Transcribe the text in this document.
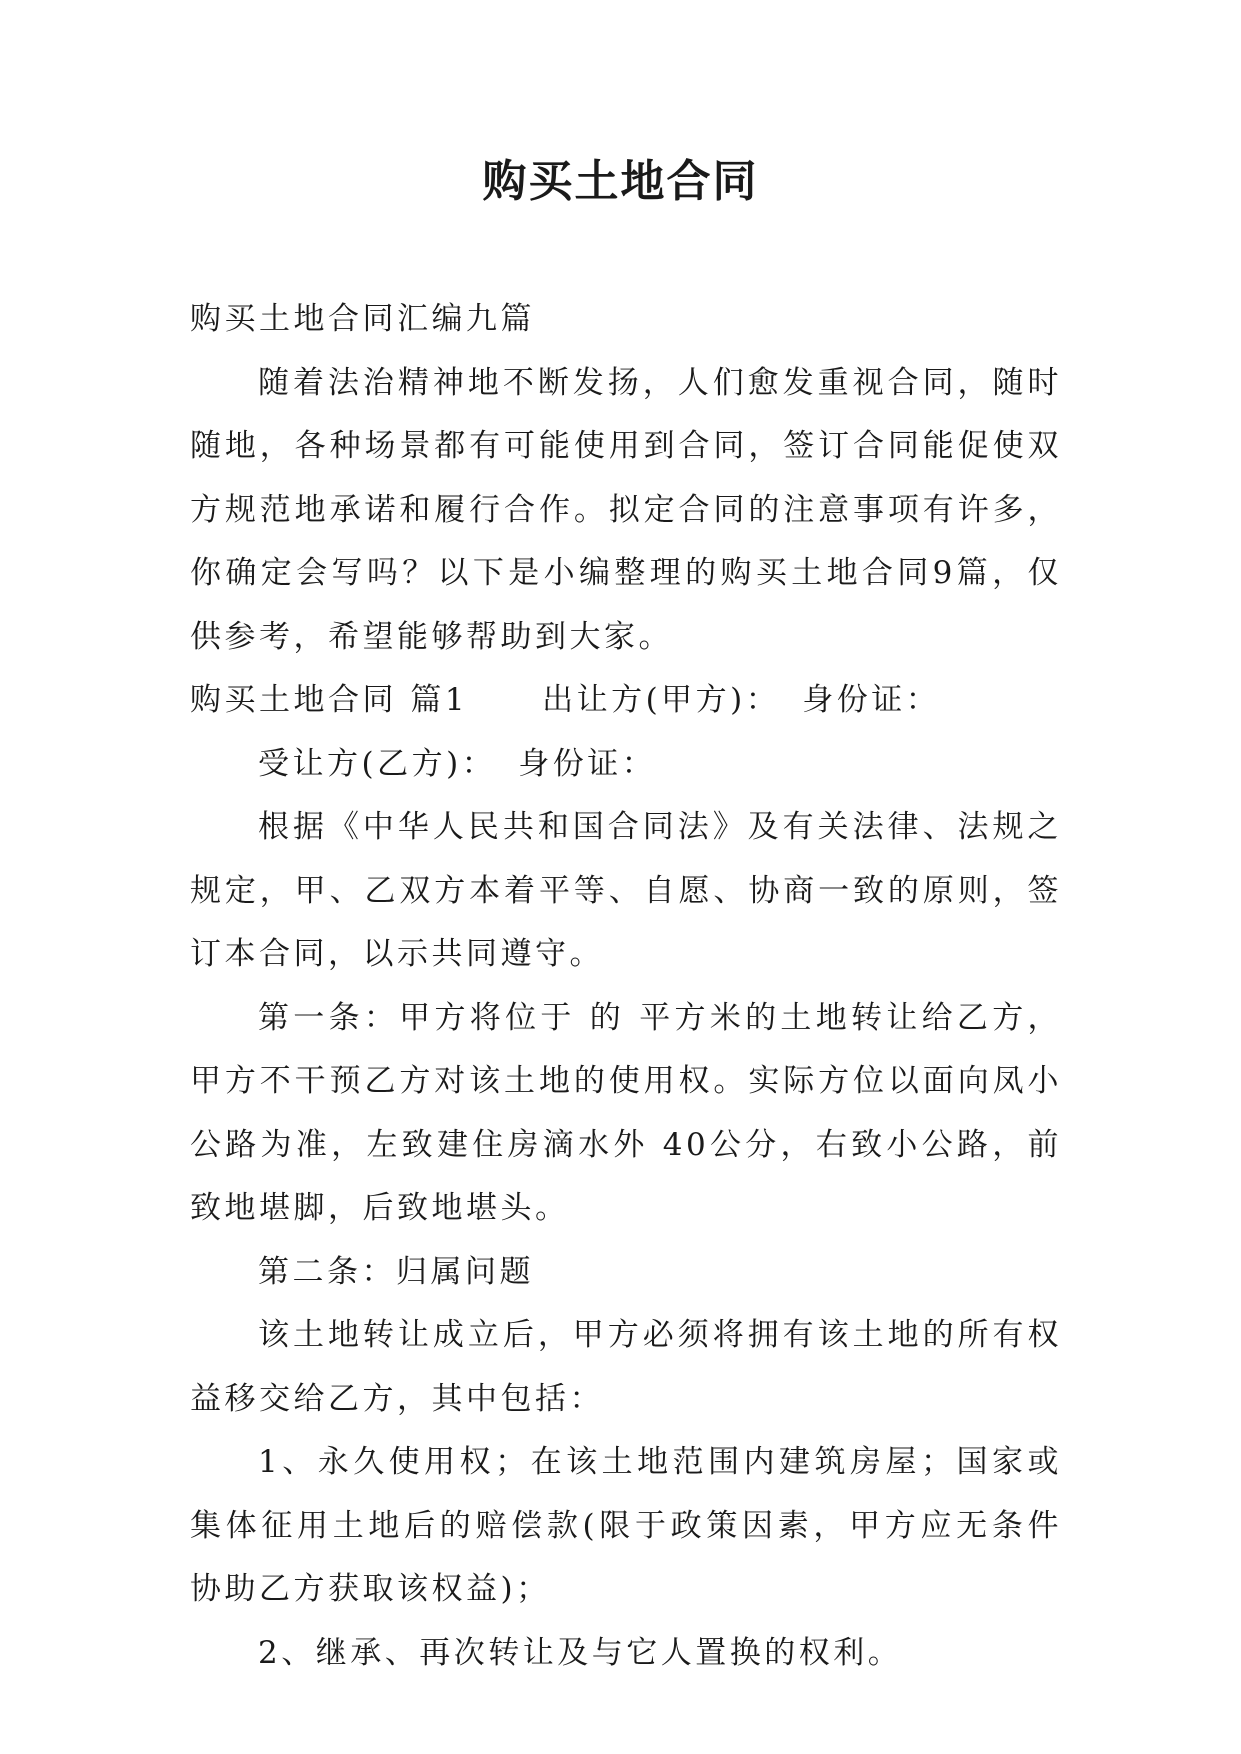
购买土地合同

购买土地合同汇编九篇

随着法治精神地不断发扬，人们愈发重视合同，随时随地，各种场景都有可能使用到合同，签订合同能促使双方规范地承诺和履行合作。拟定合同的注意事项有许多，你确定会写吗？以下是小编整理的购买土地合同9篇，仅供参考，希望能够帮助到大家。

购买土地合同 篇1 出让方(甲方)： 身份证：

受让方(乙方)： 身份证：

根据《中华人民共和国合同法》及有关法律、法规之规定，甲、乙双方本着平等、自愿、协商一致的原则，签订本合同，以示共同遵守。

第一条：甲方将位于 的 平方米的土地转让给乙方，甲方不干预乙方对该土地的使用权。实际方位以面向凤小公路为准，左致建住房滴水外 40公分，右致小公路，前致地堪脚，后致地堪头。

第二条：归属问题

该土地转让成立后，甲方必须将拥有该土地的所有权益移交给乙方，其中包括：

1、永久使用权；在该土地范围内建筑房屋；国家或集体征用土地后的赔偿款(限于政策因素，甲方应无条件协助乙方获取该权益)；

2、继承、再次转让及与它人置换的权利。
